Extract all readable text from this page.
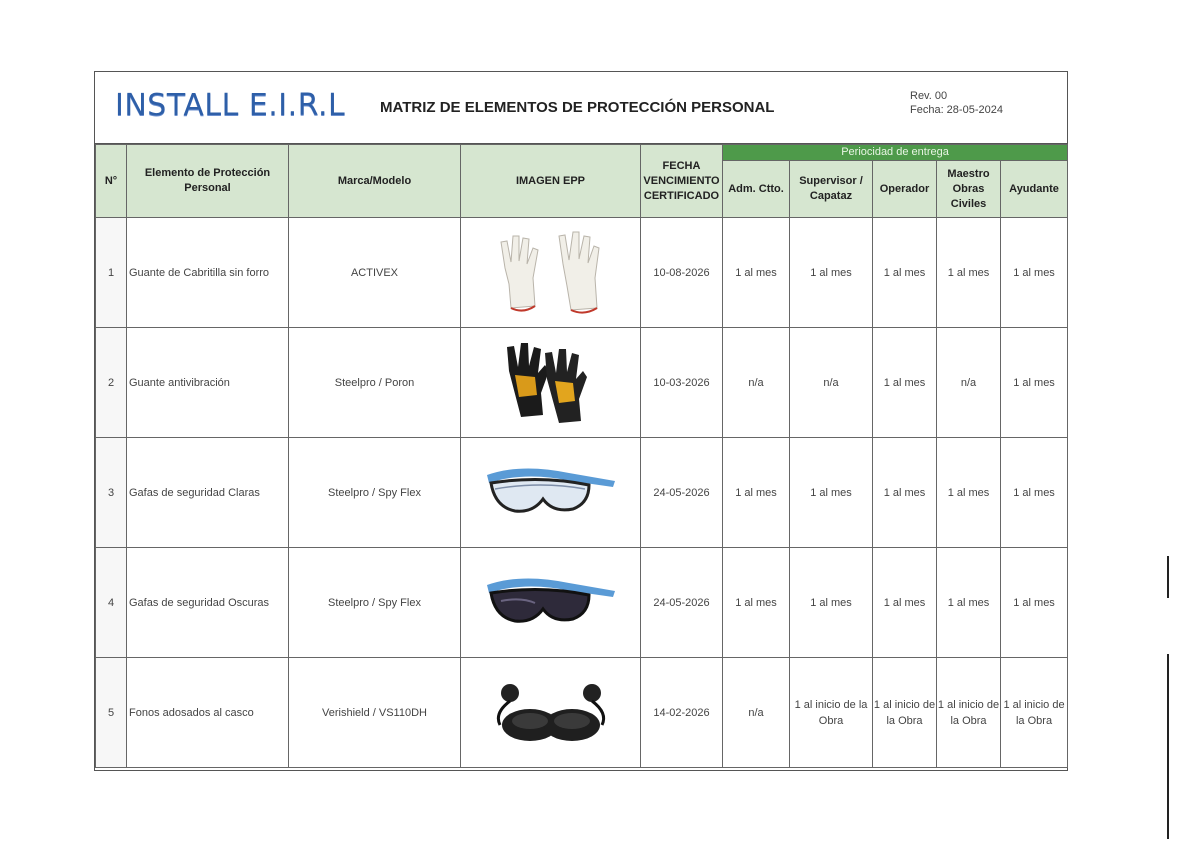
INSTALL E.I.R.L MATRIZ DE ELEMENTOS DE PROTECCIÓN PERSONAL
Rev. 00
Fecha: 28-05-2024
N°	Elemento de Protección Personal	Marca/Modelo	IMAGEN EPP	FECHA VENCIMIENTO CERTIFICADO	Periocidad de entrega				
					Adm. Ctto.	Supervisor / Capataz	Operador	Maestro Obras Civiles	Ayudante
1	Guante de Cabritilla sin forro	ACTIVEX		10-08-2026	1 al mes	1 al mes	1 al mes	1 al mes	1 al mes
2	Guante antivibración	Steelpro / Poron		10-03-2026	n/a	n/a	1 al mes	n/a	1 al mes
3	Gafas de seguridad Claras	Steelpro / Spy Flex		24-05-2026	1 al mes	1 al mes	1 al mes	1 al mes	1 al mes
4	Gafas de seguridad Oscuras	Steelpro / Spy Flex		24-05-2026	1 al mes	1 al mes	1 al mes	1 al mes	1 al mes
5	Fonos adosados al casco	Verishield / VS110DH		14-02-2026	n/a	1 al inicio de la Obra	1 al inicio de la Obra	1 al inicio de la Obra	1 al inicio de la Obra
